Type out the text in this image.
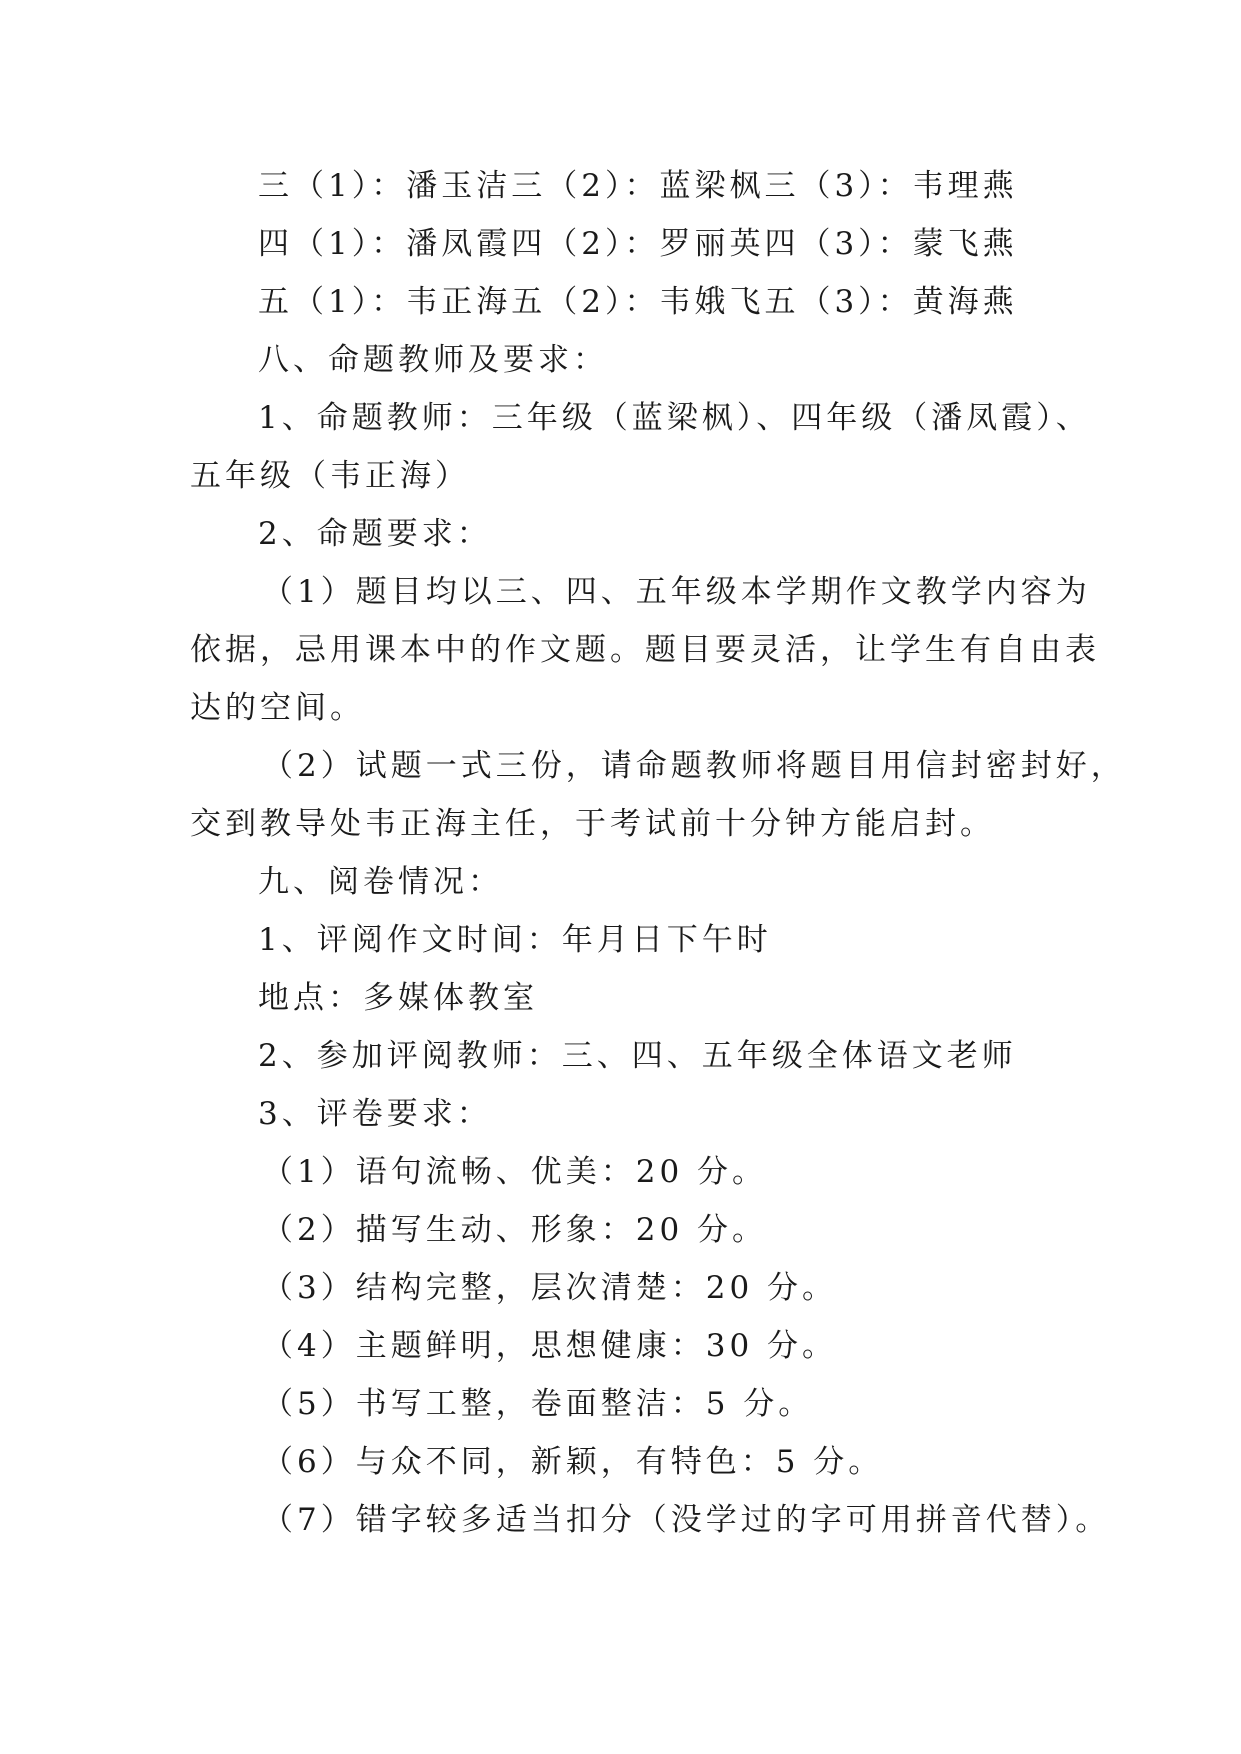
三（1）：潘玉洁三（2）：蓝梁枫三（3）：韦理燕
四（1）：潘凤霞四（2）：罗丽英四（3）：蒙飞燕
五（1）：韦正海五（2）：韦娥飞五（3）：黄海燕
八、命题教师及要求：
1、命题教师：三年级（蓝梁枫）、四年级（潘凤霞）、
五年级（韦正海）
2、命题要求：
（1）题目均以三、四、五年级本学期作文教学内容为
依据，忌用课本中的作文题。题目要灵活，让学生有自由表
达的空间。
（2）试题一式三份，请命题教师将题目用信封密封好，
交到教导处韦正海主任，于考试前十分钟方能启封。
九、阅卷情况：
1、评阅作文时间：年月日下午时
地点：多媒体教室
2、参加评阅教师：三、四、五年级全体语文老师
3、评卷要求：
（1）语句流畅、优美：20 分。
（2）描写生动、形象：20 分。
（3）结构完整，层次清楚：20 分。
（4）主题鲜明，思想健康：30 分。
（5）书写工整，卷面整洁：5 分。
（6）与众不同，新颖，有特色：5 分。
（7）错字较多适当扣分（没学过的字可用拼音代替）。
